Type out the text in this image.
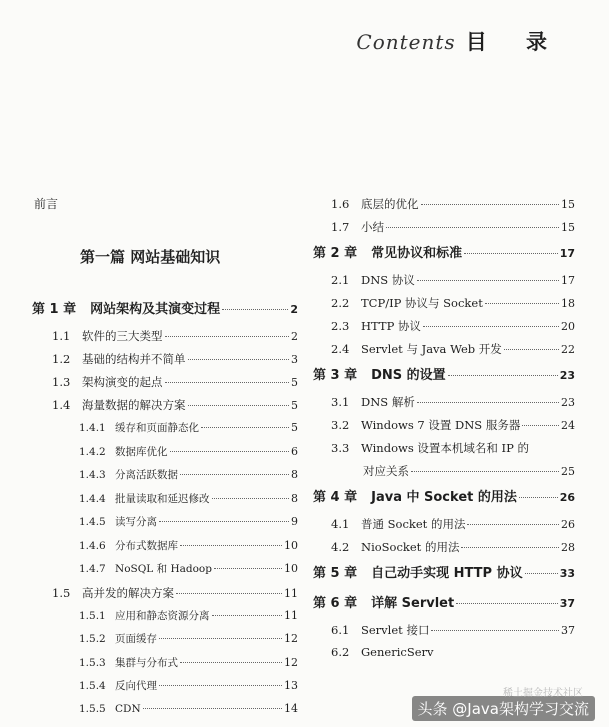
Contents 目 录
前言
第一篇 网站基础知识
第 1 章 网站架构及其演变过程	2
1.1	软件的三大类型	2
1.2	基础的结构并不简单	3
1.3	架构演变的起点	5
1.4	海量数据的解决方案	5
1.4.1 缓存和页面静态化	5
1.4.2 数据库优化	6
1.4.3 分离活跃数据	8
1.4.4 批量读取和延迟修改	8
1.4.5 读写分离	9
1.4.6 分布式数据库	10
1.4.7 NoSQL 和 Hadoop	10
1.5	高并发的解决方案	11
1.5.1 应用和静态资源分离	11
1.5.2 页面缓存	12
1.5.3 集群与分布式	12
1.5.4 反向代理	13
1.5.5 CDN	14
1.6	底层的优化	15
1.7	小结	15
第 2 章 常见协议和标准	17
2.1	DNS 协议	17
2.2	TCP/IP 协议与 Socket	18
2.3	HTTP 协议	20
2.4	Servlet 与 Java Web 开发	22
第 3 章 DNS 的设置	23
3.1	DNS 解析	23
3.2	Windows 7 设置 DNS 服务器	24
3.3	Windows 设置本机域名和 IP 的
对应关系	25
第 4 章 Java 中 Socket 的用法	26
4.1	普通 Socket 的用法	26
4.2	NioSocket 的用法	28
第 5 章 自己动手实现 HTTP 协议	33
第 6 章 详解 Servlet	37
6.1	Servlet 接口	37
6.2	GenericServ
稀土掘金技术社区
头条 @Java架构学习交流
